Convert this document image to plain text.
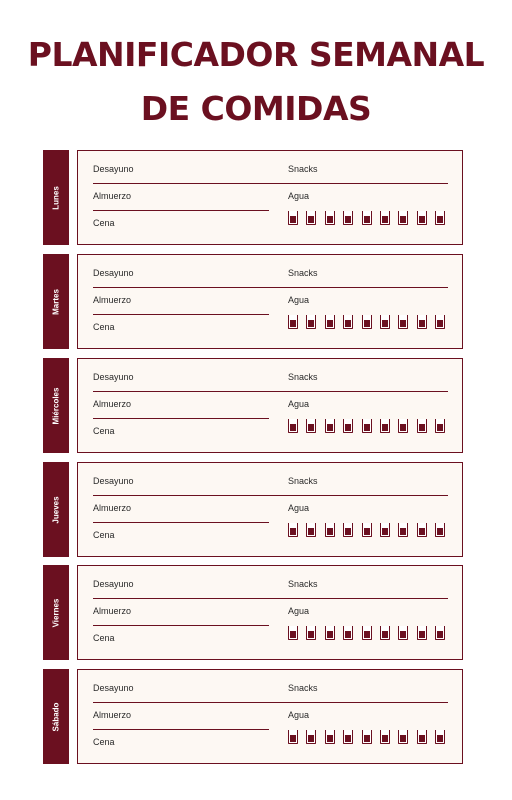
PLANIFICADOR SEMANAL
DE COMIDAS
Lunes
Desayuno
Almuerzo
Cena
Snacks
Agua
Martes
Desayuno
Almuerzo
Cena
Snacks
Agua
Miércoles
Desayuno
Almuerzo
Cena
Snacks
Agua
Jueves
Desayuno
Almuerzo
Cena
Snacks
Agua
Viernes
Desayuno
Almuerzo
Cena
Snacks
Agua
Sábado
Desayuno
Almuerzo
Cena
Snacks
Agua
